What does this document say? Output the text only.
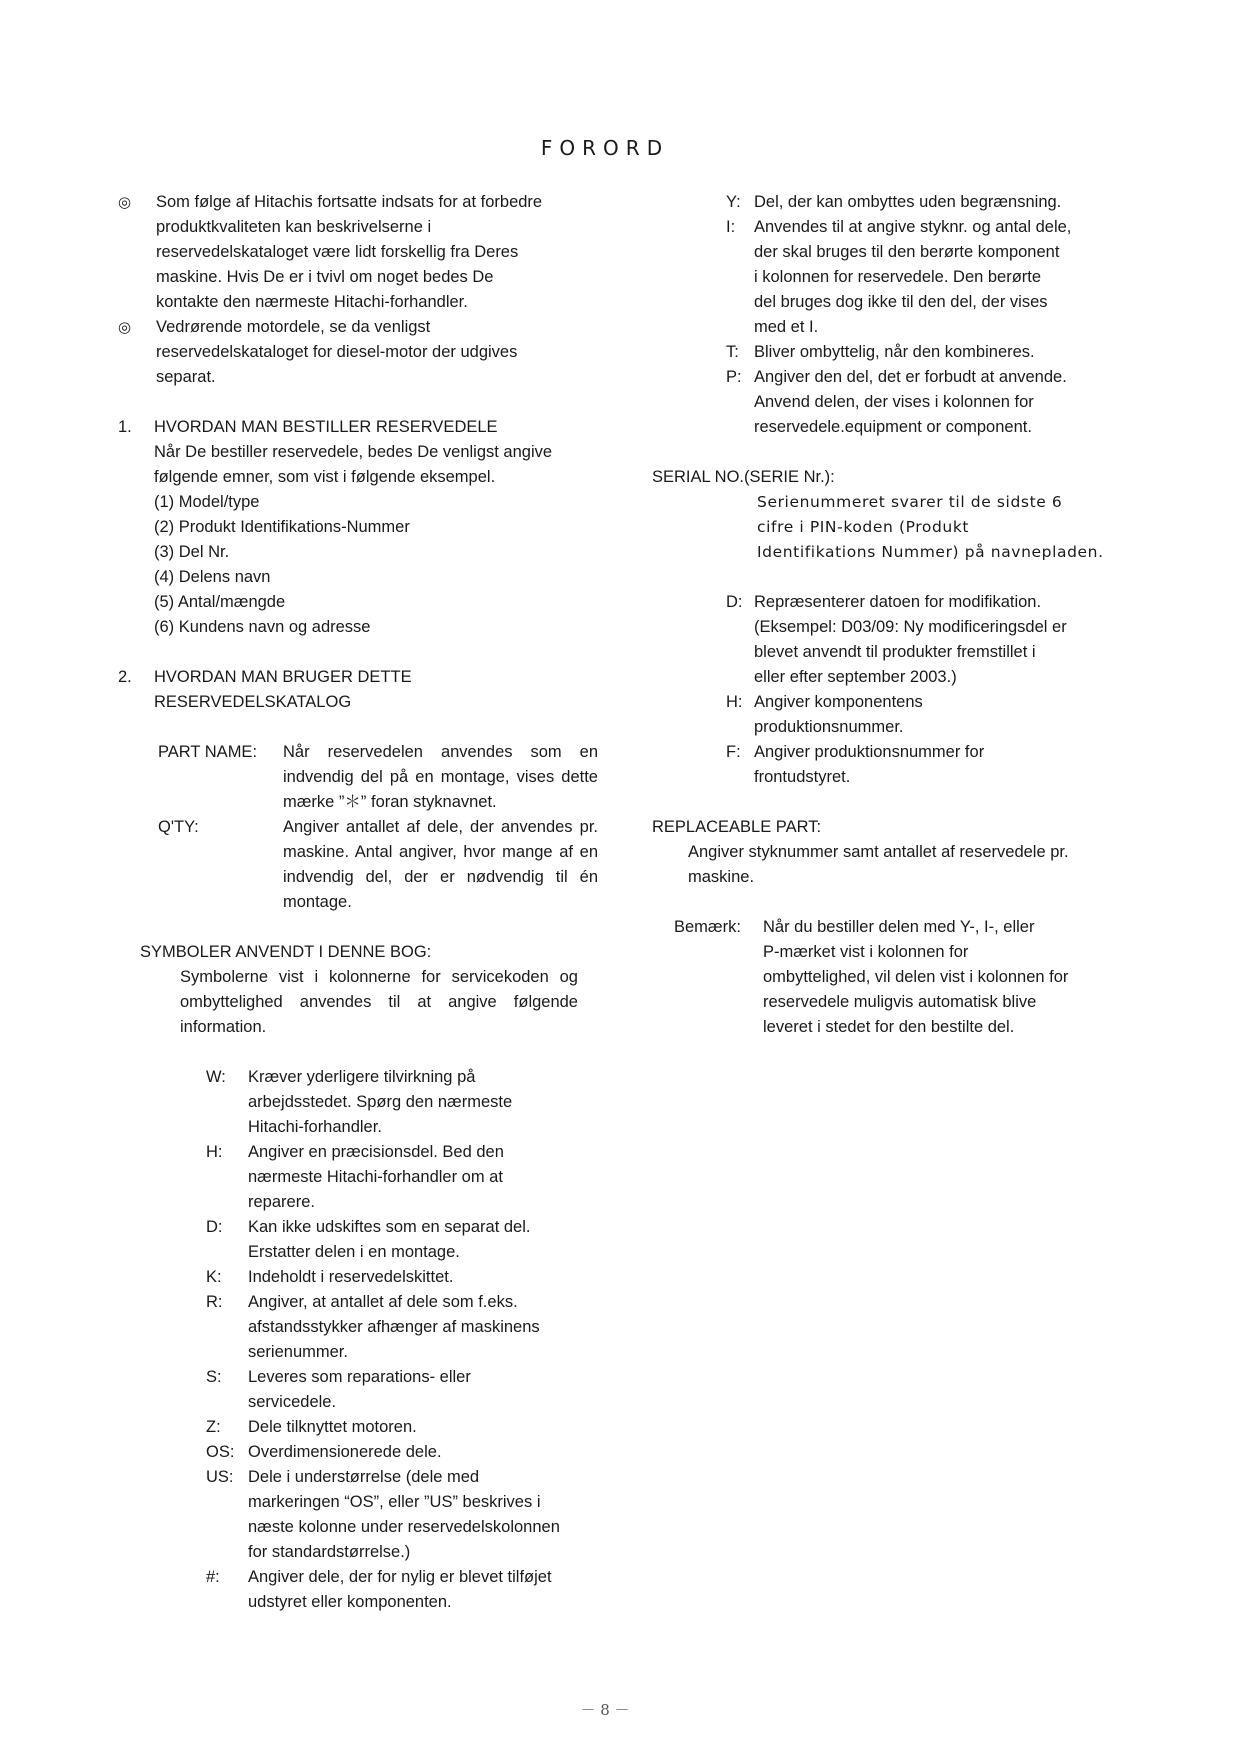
FORORD
◎ Som følge af Hitachis fortsatte indsats for at forbedre
produktkvaliteten kan beskrivelserne i
reservedelskataloget være lidt forskellig fra Deres
maskine. Hvis De er i tvivl om noget bedes De
kontakte den nærmeste Hitachi-forhandler.
◎ Vedrørende motordele, se da venligst
reservedelskataloget for diesel-motor der udgives
separat.
1. HVORDAN MAN BESTILLER RESERVEDELE
Når De bestiller reservedele, bedes De venligst angive
følgende emner, som vist i følgende eksempel.
(1) Model/type
(2) Produkt Identifikations-Nummer
(3) Del Nr.
(4) Delens navn
(5) Antal/mængde
(6) Kundens navn og adresse
2. HVORDAN MAN BRUGER DETTE
RESERVEDELSKATALOG
PART NAME:	Når reservedelen anvendes som en indvendig del på en montage, vises dette mærke ”＊” foran styknavnet.
Q'TY:	Angiver antallet af dele, der anvendes pr. maskine. Antal angiver, hvor mange af en indvendig del, der er nødvendig til én montage.
SYMBOLER ANVENDT I DENNE BOG:
Symbolerne vist i kolonnerne for servicekoden og ombyttelighed anvendes til at angive følgende information.
W:	Kræver yderligere tilvirkning på
arbejdsstedet. Spørg den nærmeste
Hitachi-forhandler.
H:	Angiver en præcisionsdel. Bed den
nærmeste Hitachi-forhandler om at
reparere.
D:	Kan ikke udskiftes som en separat del.
Erstatter delen i en montage.
K:	Indeholdt i reservedelskittet.
R:	Angiver, at antallet af dele som f.eks.
afstandsstykker afhænger af maskinens
serienummer.
S:	Leveres som reparations- eller
servicedele.
Z:	Dele tilknyttet motoren.
OS: Overdimensionerede dele.
US: Dele i understørrelse (dele med
markeringen “OS”, eller ”US” beskrives i
næste kolonne under reservedelskolonnen
for standardstørrelse.)
#:	Angiver dele, der for nylig er blevet tilføjet
udstyret eller komponenten.
Y: Del, der kan ombyttes uden begrænsning.
I:	Anvendes til at angive styknr. og antal dele,
der skal bruges til den berørte komponent
i kolonnen for reservedele. Den berørte
del bruges dog ikke til den del, der vises
med et I.
T: Bliver ombyttelig, når den kombineres.
P: Angiver den del, det er forbudt at anvende.
Anvend delen, der vises i kolonnen for
reservedele.equipment or component.
SERIAL NO.(SERIE Nr.):
Serienummeret svarer til de sidste 6
cifre i PIN-koden (Produkt
Identifikations Nummer) på navnepladen.
D: Repræsenterer datoen for modifikation.
(Eksempel: D03/09: Ny modificeringsdel er
blevet anvendt til produkter fremstillet i
eller efter september 2003.)
H: Angiver komponentens
produktionsnummer.
F: Angiver produktionsnummer for
frontudstyret.
REPLACEABLE PART:
Angiver styknummer samt antallet af reservedele pr.
maskine.
Bemærk:	Når du bestiller delen med Y-, I-, eller
P-mærket vist i kolonnen for
ombyttelighed, vil delen vist i kolonnen for
reservedele muligvis automatisk blive
leveret i stedet for den bestilte del.
－ 8 －
